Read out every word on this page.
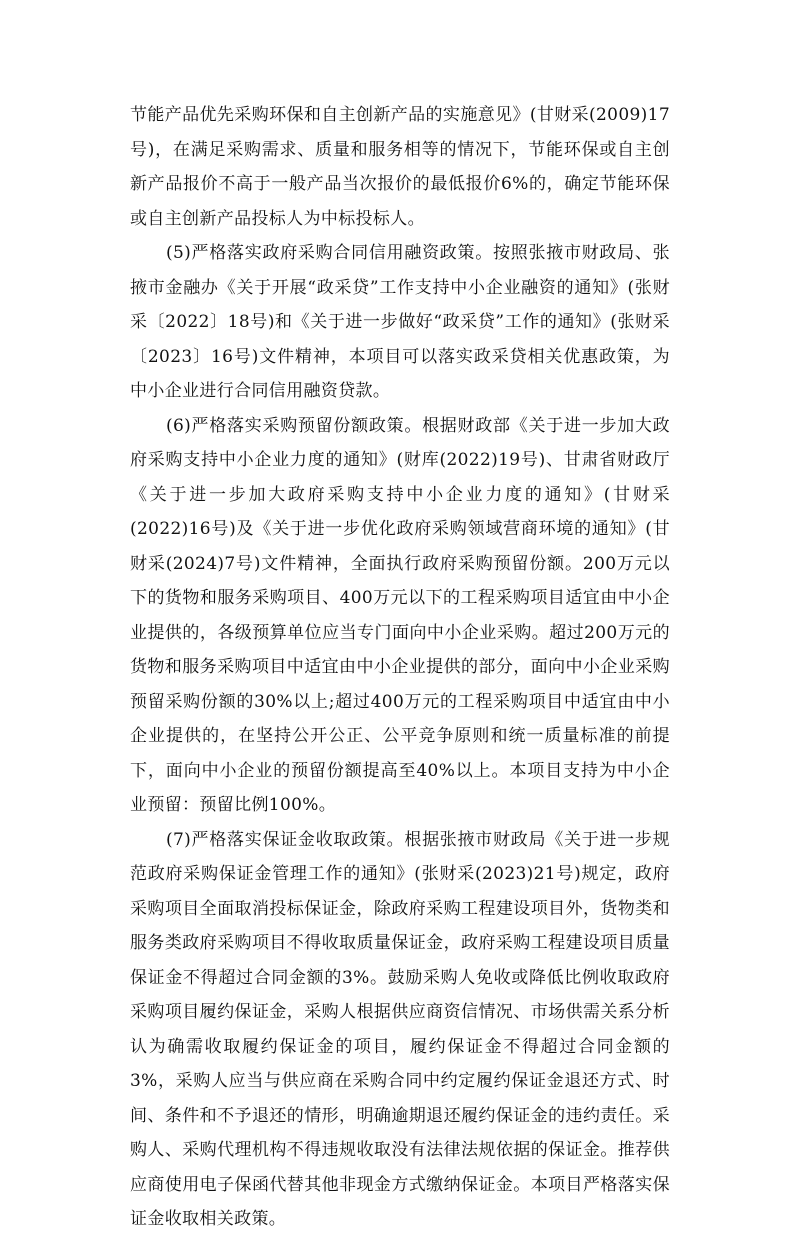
节能产品优先采购环保和自主创新产品的实施意见》(甘财采(2009)17号)，在满足采购需求、质量和服务相等的情况下，节能环保或自主创新产品报价不高于一般产品当次报价的最低报价6%的，确定节能环保或自主创新产品投标人为中标投标人。

(5)严格落实政府采购合同信用融资政策。按照张掖市财政局、张掖市金融办《关于开展“政采贷”工作支持中小企业融资的通知》(张财采〔2022〕18号)和《关于进一步做好“政采贷”工作的通知》(张财采〔2023〕16号)文件精神，本项目可以落实政采贷相关优惠政策，为中小企业进行合同信用融资贷款。

(6)严格落实采购预留份额政策。根据财政部《关于进一步加大政府采购支持中小企业力度的通知》(财库(2022)19号)、甘肃省财政厅《关于进一步加大政府采购支持中小企业力度的通知》(甘财采(2022)16号)及《关于进一步优化政府采购领域营商环境的通知》(甘财采(2024)7号)文件精神，全面执行政府采购预留份额。200万元以下的货物和服务采购项目、400万元以下的工程采购项目适宜由中小企业提供的，各级预算单位应当专门面向中小企业采购。超过200万元的货物和服务采购项目中适宜由中小企业提供的部分，面向中小企业采购预留采购份额的30%以上;超过400万元的工程采购项目中适宜由中小企业提供的，在坚持公开公正、公平竞争原则和统一质量标准的前提下，面向中小企业的预留份额提高至40%以上。本项目支持为中小企业预留：预留比例100%。

(7)严格落实保证金收取政策。根据张掖市财政局《关于进一步规范政府采购保证金管理工作的通知》(张财采(2023)21号)规定，政府采购项目全面取消投标保证金，除政府采购工程建设项目外，货物类和服务类政府采购项目不得收取质量保证金，政府采购工程建设项目质量保证金不得超过合同金额的3%。鼓励采购人免收或降低比例收取政府采购项目履约保证金，采购人根据供应商资信情况、市场供需关系分析认为确需收取履约保证金的项目，履约保证金不得超过合同金额的3%，采购人应当与供应商在采购合同中约定履约保证金退还方式、时间、条件和不予退还的情形，明确逾期退还履约保证金的违约责任。采购人、采购代理机构不得违规收取没有法律法规依据的保证金。推荐供应商使用电子保函代替其他非现金方式缴纳保证金。本项目严格落实保证金收取相关政策。
